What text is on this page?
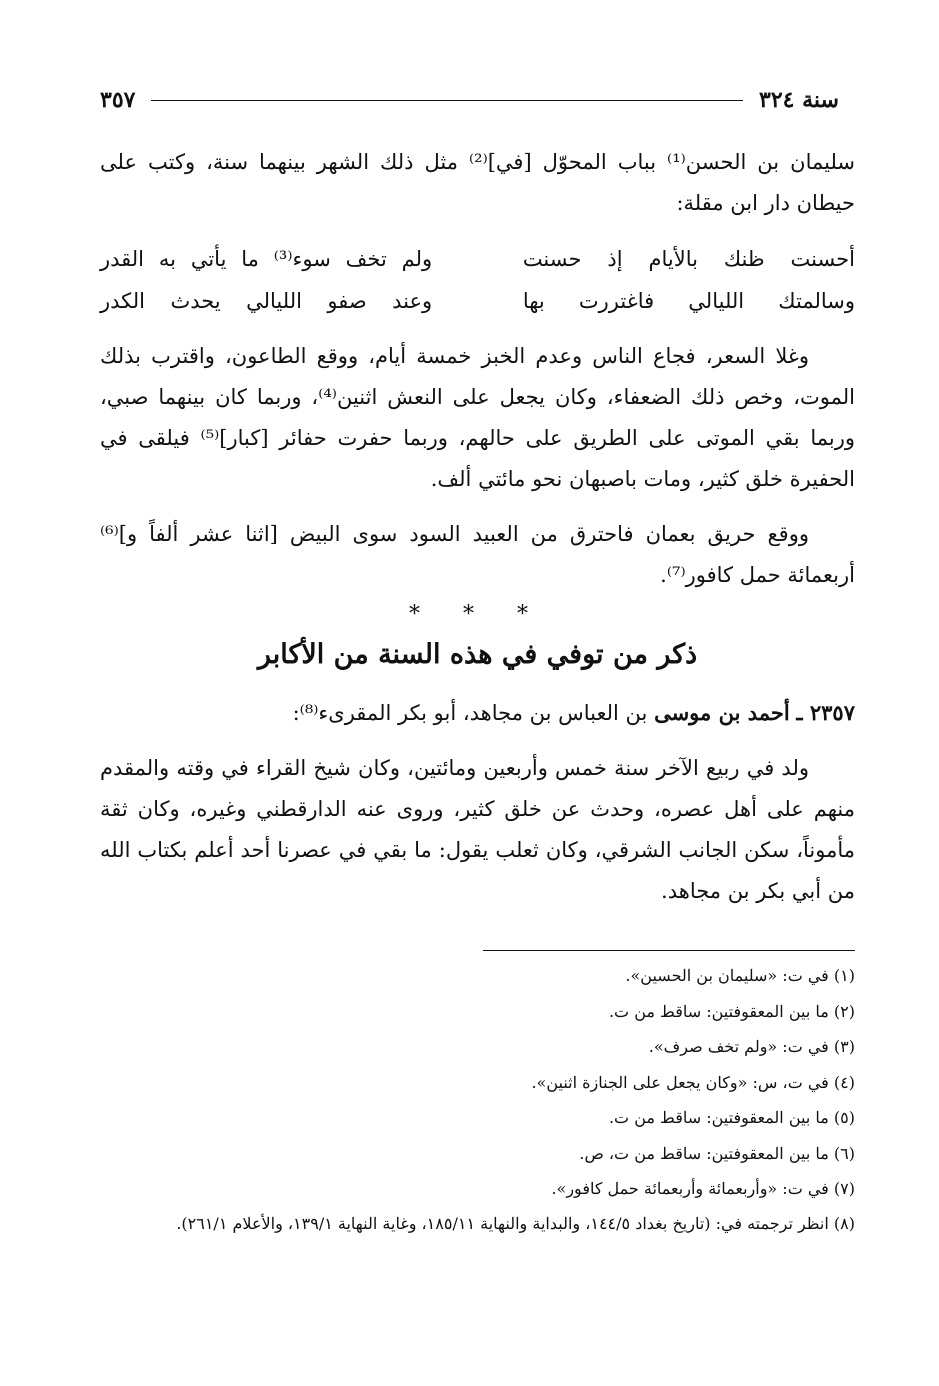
سنة ٣٢٤
٣٥٧

سليمان بن الحسن⁽¹⁾ بباب المحوّل [في]⁽²⁾ مثل ذلك الشهر بينهما سنة، وكتب على حيطان دار ابن مقلة:

أحسنت ظنك بالأيام إذ حسنت
ولم تخف سوء⁽³⁾ ما يأتي به القدر
وسالمتك الليالي فاغتررت بها
وعند صفو الليالي يحدث الكدر

وغلا السعر، فجاع الناس وعدم الخبز خمسة أيام، ووقع الطاعون، واقترب بذلك الموت، وخص ذلك الضعفاء، وكان يجعل على النعش اثنين⁽⁴⁾، وربما كان بينهما صبي، وربما بقي الموتى على الطريق على حالهم، وربما حفرت حفائر [كبار]⁽⁵⁾ فيلقى في الحفيرة خلق كثير، ومات باصبهان نحو مائتي ألف.

ووقع حريق بعمان فاحترق من العبيد السود سوى البيض [اثنا عشر ألفاً و]⁽⁶⁾ أربعمائة حمل كافور⁽⁷⁾.

* * *
ذكر من توفي في هذه السنة من الأكابر

٢٣٥٧ ـ أحمد بن موسى بن العباس بن مجاهد، أبو بكر المقرىء⁽⁸⁾:

ولد في ربيع الآخر سنة خمس وأربعين ومائتين، وكان شيخ القراء في وقته والمقدم منهم على أهل عصره، وحدث عن خلق كثير، وروى عنه الدارقطني وغيره، وكان ثقة مأموناً، سكن الجانب الشرقي، وكان ثعلب يقول: ما بقي في عصرنا أحد أعلم بكتاب الله من أبي بكر بن مجاهد.

(١) في ت: «سليمان بن الحسين».

(٢) ما بين المعقوفتين: ساقط من ت.

(٣) في ت: «ولم تخف صرف».

(٤) في ت، س: «وكان يجعل على الجنازة اثنين».

(٥) ما بين المعقوفتين: ساقط من ت.

(٦) ما بين المعقوفتين: ساقط من ت، ص.

(٧) في ت: «وأربعمائة وأربعمائة حمل كافور».

(٨) انظر ترجمته في: (تاريخ بغداد ١٤٤/٥، والبداية والنهاية ١٨٥/١١، وغاية النهاية ١٣٩/١، والأعلام ٢٦١/١).
